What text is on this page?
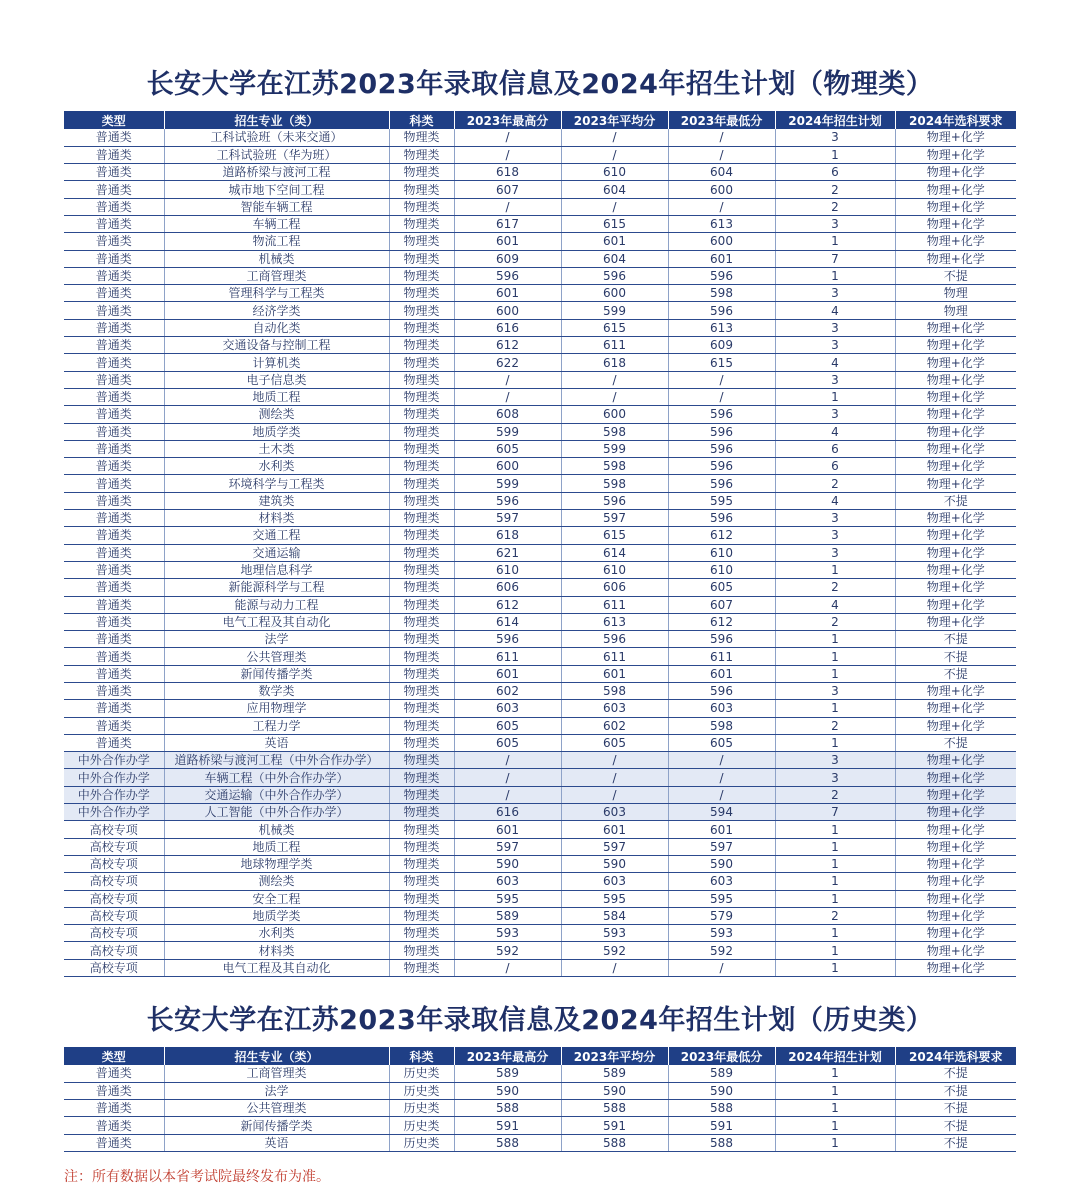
长安大学在江苏2023年录取信息及2024年招生计划（物理类）
类型	招生专业（类）	科类	2023年最高分	2023年平均分	2023年最低分	2024年招生计划	2024年选科要求
普通类	工科试验班（未来交通）	物理类	/	/	/	3	物理+化学
普通类	工科试验班（华为班）	物理类	/	/	/	1	物理+化学
普通类	道路桥梁与渡河工程	物理类	618	610	604	6	物理+化学
普通类	城市地下空间工程	物理类	607	604	600	2	物理+化学
普通类	智能车辆工程	物理类	/	/	/	2	物理+化学
普通类	车辆工程	物理类	617	615	613	3	物理+化学
普通类	物流工程	物理类	601	601	600	1	物理+化学
普通类	机械类	物理类	609	604	601	7	物理+化学
普通类	工商管理类	物理类	596	596	596	1	不提
普通类	管理科学与工程类	物理类	601	600	598	3	物理
普通类	经济学类	物理类	600	599	596	4	物理
普通类	自动化类	物理类	616	615	613	3	物理+化学
普通类	交通设备与控制工程	物理类	612	611	609	3	物理+化学
普通类	计算机类	物理类	622	618	615	4	物理+化学
普通类	电子信息类	物理类	/	/	/	3	物理+化学
普通类	地质工程	物理类	/	/	/	1	物理+化学
普通类	测绘类	物理类	608	600	596	3	物理+化学
普通类	地质学类	物理类	599	598	596	4	物理+化学
普通类	土木类	物理类	605	599	596	6	物理+化学
普通类	水利类	物理类	600	598	596	6	物理+化学
普通类	环境科学与工程类	物理类	599	598	596	2	物理+化学
普通类	建筑类	物理类	596	596	595	4	不提
普通类	材料类	物理类	597	597	596	3	物理+化学
普通类	交通工程	物理类	618	615	612	3	物理+化学
普通类	交通运输	物理类	621	614	610	3	物理+化学
普通类	地理信息科学	物理类	610	610	610	1	物理+化学
普通类	新能源科学与工程	物理类	606	606	605	2	物理+化学
普通类	能源与动力工程	物理类	612	611	607	4	物理+化学
普通类	电气工程及其自动化	物理类	614	613	612	2	物理+化学
普通类	法学	物理类	596	596	596	1	不提
普通类	公共管理类	物理类	611	611	611	1	不提
普通类	新闻传播学类	物理类	601	601	601	1	不提
普通类	数学类	物理类	602	598	596	3	物理+化学
普通类	应用物理学	物理类	603	603	603	1	物理+化学
普通类	工程力学	物理类	605	602	598	2	物理+化学
普通类	英语	物理类	605	605	605	1	不提
中外合作办学	道路桥梁与渡河工程（中外合作办学）	物理类	/	/	/	3	物理+化学
中外合作办学	车辆工程（中外合作办学）	物理类	/	/	/	3	物理+化学
中外合作办学	交通运输（中外合作办学）	物理类	/	/	/	2	物理+化学
中外合作办学	人工智能（中外合作办学）	物理类	616	603	594	7	物理+化学
高校专项	机械类	物理类	601	601	601	1	物理+化学
高校专项	地质工程	物理类	597	597	597	1	物理+化学
高校专项	地球物理学类	物理类	590	590	590	1	物理+化学
高校专项	测绘类	物理类	603	603	603	1	物理+化学
高校专项	安全工程	物理类	595	595	595	1	物理+化学
高校专项	地质学类	物理类	589	584	579	2	物理+化学
高校专项	水利类	物理类	593	593	593	1	物理+化学
高校专项	材料类	物理类	592	592	592	1	物理+化学
高校专项	电气工程及其自动化	物理类	/	/	/	1	物理+化学
长安大学在江苏2023年录取信息及2024年招生计划（历史类）
类型	招生专业（类）	科类	2023年最高分	2023年平均分	2023年最低分	2024年招生计划	2024年选科要求
普通类	工商管理类	历史类	589	589	589	1	不提
普通类	法学	历史类	590	590	590	1	不提
普通类	公共管理类	历史类	588	588	588	1	不提
普通类	新闻传播学类	历史类	591	591	591	1	不提
普通类	英语	历史类	588	588	588	1	不提
注：所有数据以本省考试院最终发布为准。
